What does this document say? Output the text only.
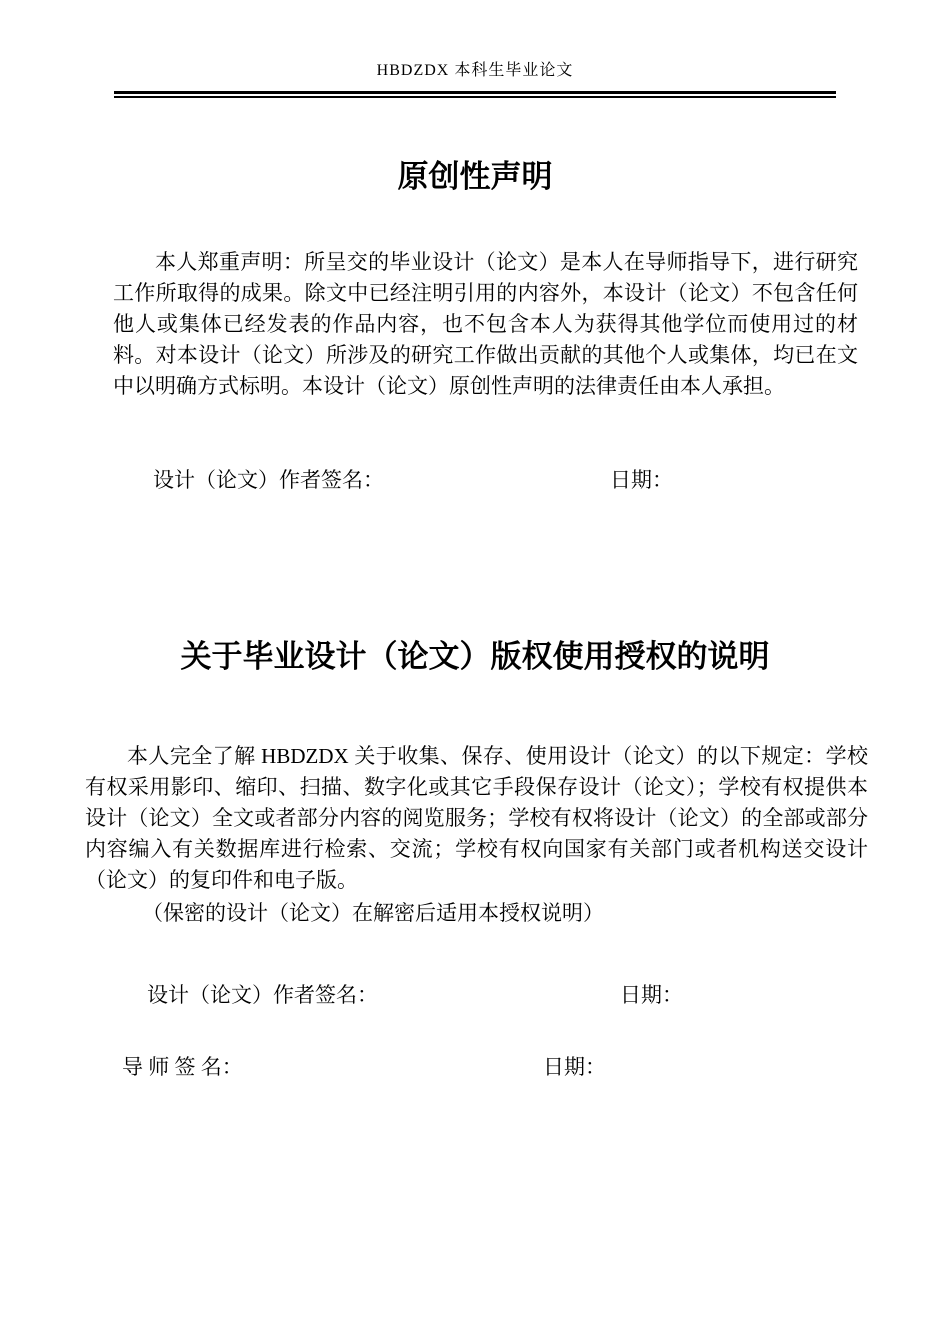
HBDZDX 本科生毕业论文
原创性声明
本人郑重声明：所呈交的毕业设计（论文）是本人在导师指导下，进行研究工作所取得的成果。除文中已经注明引用的内容外，本设计（论文）不包含任何他人或集体已经发表的作品内容，也不包含本人为获得其他学位而使用过的材料。对本设计（论文）所涉及的研究工作做出贡献的其他个人或集体，均已在文中以明确方式标明。本设计（论文）原创性声明的法律责任由本人承担。
设计（论文）作者签名：	日期：
关于毕业设计（论文）版权使用授权的说明
本人完全了解 HBDZDX 关于收集、保存、使用设计（论文）的以下规定：学校有权采用影印、缩印、扫描、数字化或其它手段保存设计（论文）；学校有权提供本设计（论文）全文或者部分内容的阅览服务；学校有权将设计（论文）的全部或部分内容编入有关数据库进行检索、交流；学校有权向国家有关部门或者机构送交设计（论文）的复印件和电子版。
（保密的设计（论文）在解密后适用本授权说明）
设计（论文）作者签名：	日期：
导 师 签 名：	日期：
